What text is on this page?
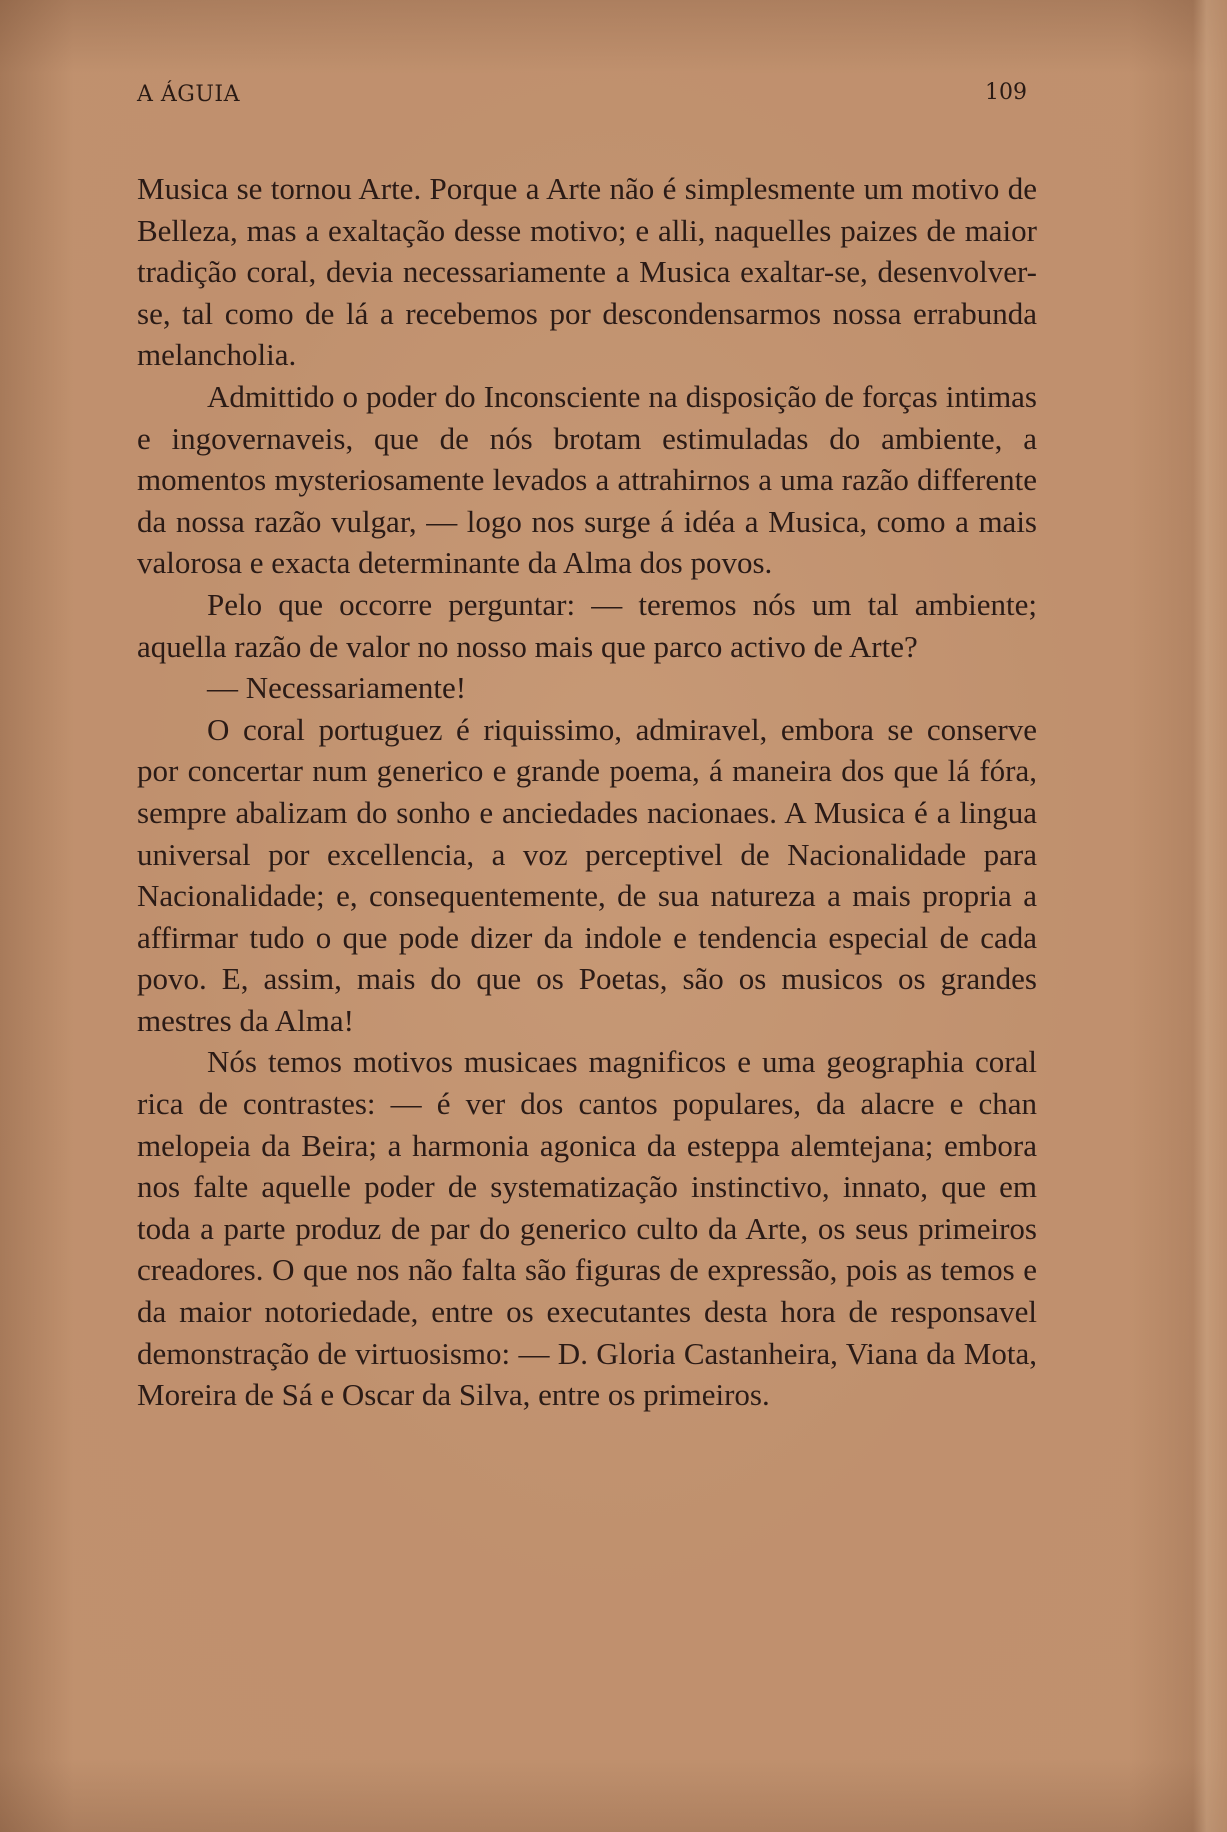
A ÁGUIA	109

Musica se tornou Arte. Porque a Arte não é simplesmente um motivo de Belleza, mas a exaltação desse motivo; e alli, naquelles paizes de maior tradição coral, devia necessariamente a Musica exaltar-se, desenvolver-se, tal como de lá a recebemos por descondensarmos nossa errabunda melancholia.

Admittido o poder do Inconsciente na disposição de forças intimas e ingovernaveis, que de nós brotam estimuladas do ambiente, a momentos mysteriosamente levados a attrahirnos a uma razão differente da nossa razão vulgar, — logo nos surge á idéa a Musica, como a mais valorosa e exacta determinante da Alma dos povos.

Pelo que occorre perguntar: — teremos nós um tal ambiente; aquella razão de valor no nosso mais que parco activo de Arte?

— Necessariamente!

O coral portuguez é riquissimo, admiravel, embora se conserve por concertar num generico e grande poema, á maneira dos que lá fóra, sempre abalizam do sonho e anciedades nacionaes. A Musica é a lingua universal por excellencia, a voz perceptivel de Nacionalidade para Nacionalidade; e, consequentemente, de sua natureza a mais propria a affirmar tudo o que pode dizer da indole e tendencia especial de cada povo. E, assim, mais do que os Poetas, são os musicos os grandes mestres da Alma!

Nós temos motivos musicaes magnificos e uma geographia coral rica de contrastes: — é ver dos cantos populares, da alacre e chan melopeia da Beira; a harmonia agonica da esteppa alemtejana; embora nos falte aquelle poder de systematização instinctivo, innato, que em toda a parte produz de par do generico culto da Arte, os seus primeiros creadores. O que nos não falta são figuras de expressão, pois as temos e da maior notoriedade, entre os executantes desta hora de responsavel demonstração de virtuosismo: — D. Gloria Castanheira, Viana da Mota, Moreira de Sá e Oscar da Silva, entre os primeiros.
